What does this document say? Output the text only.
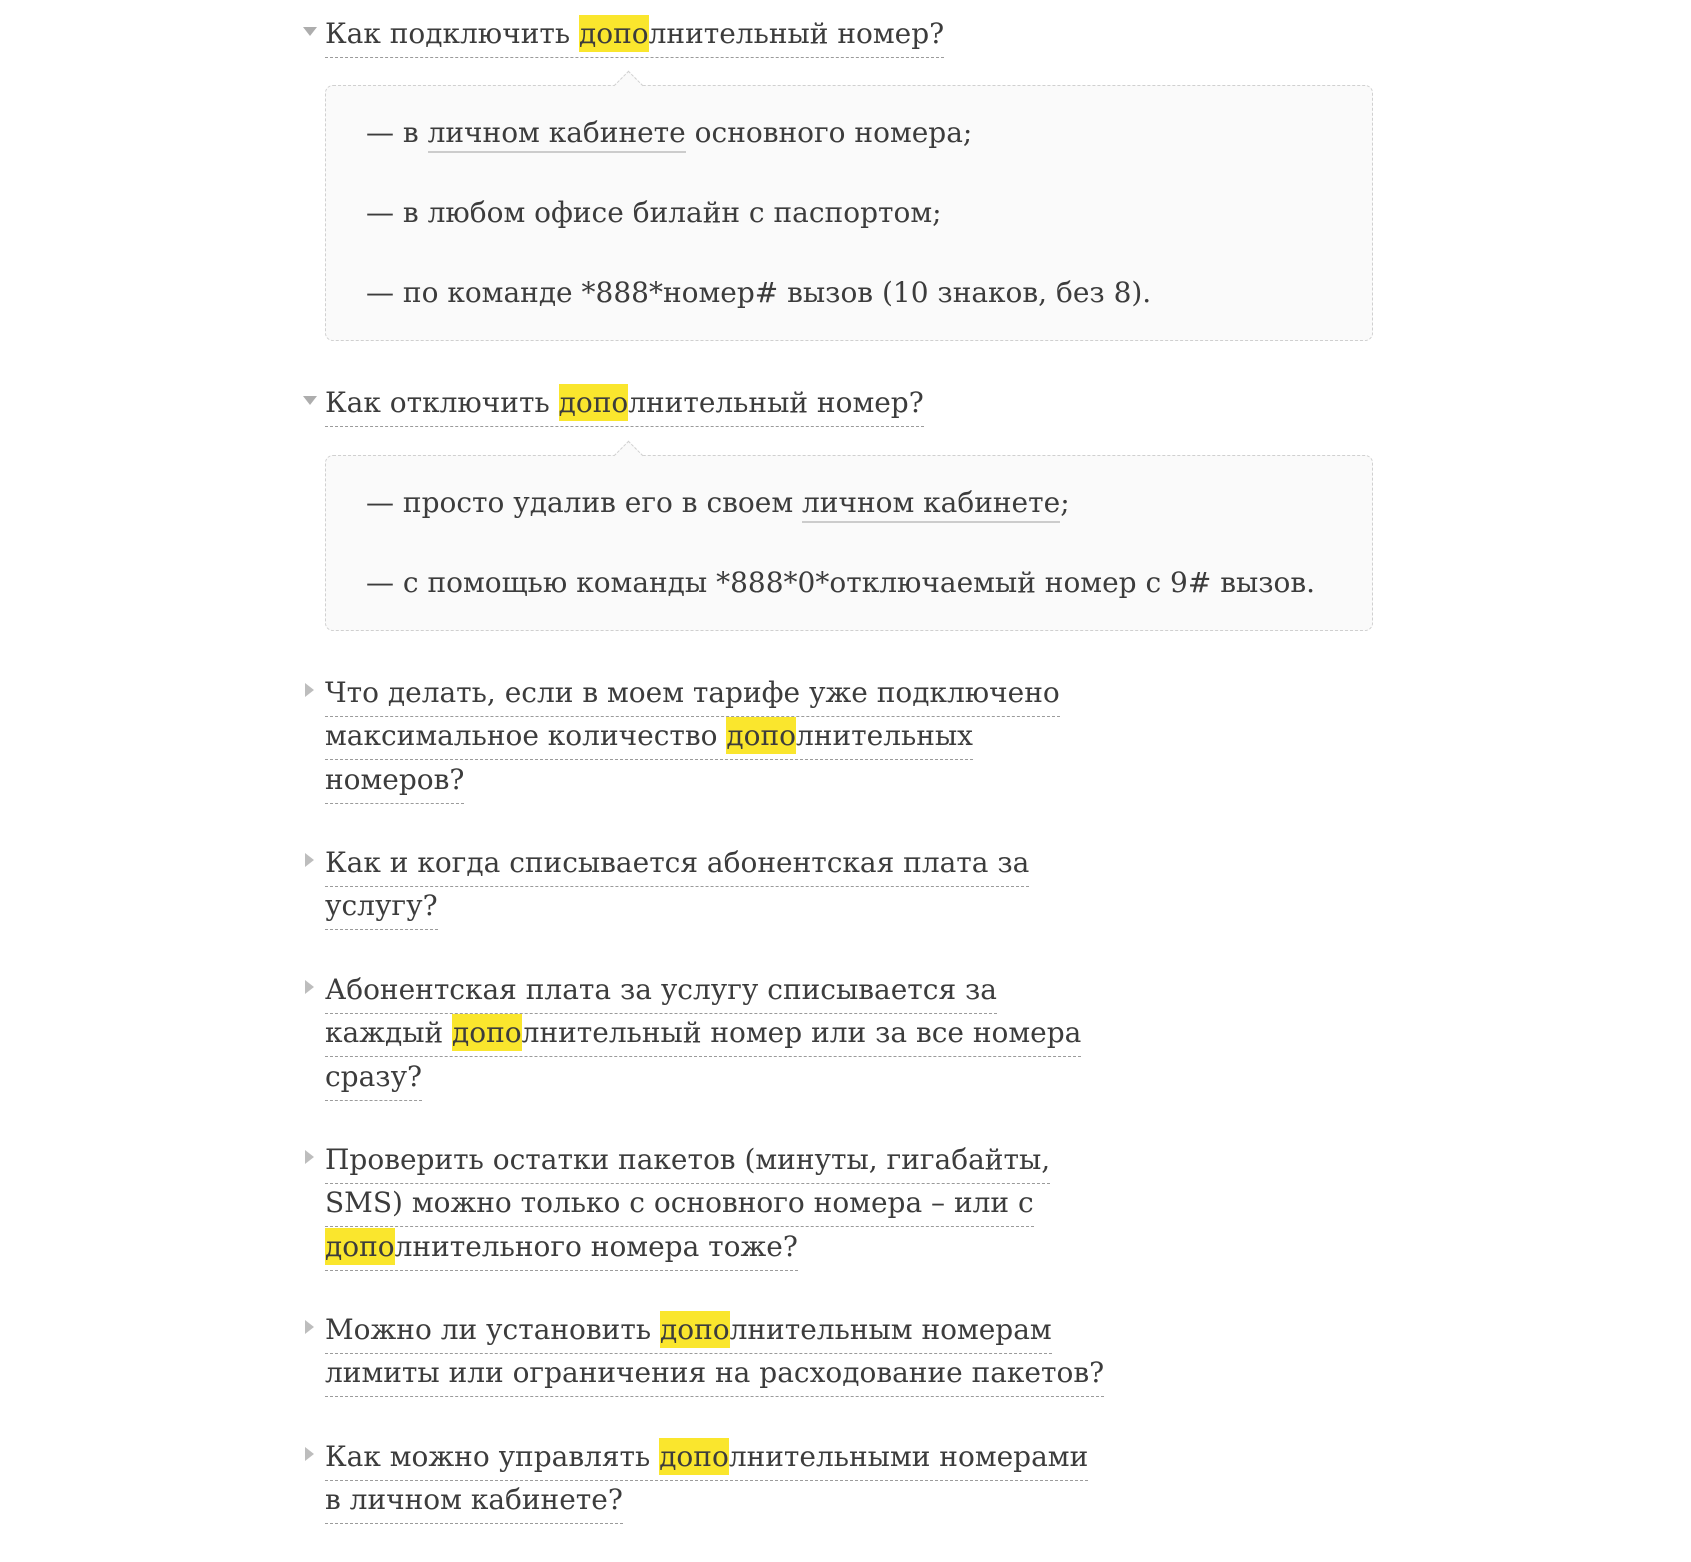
Как подключить дополнительный номер?

— в личном кабинете основного номера;

— в любом офисе билайн с паспортом;

— по команде *888*номер# вызов (10 знаков, без 8).

Как отключить дополнительный номер?

— просто удалив его в своем личном кабинете;

— с помощью команды *888*0*отключаемый номер с 9# вызов.

Что делать, если в моем тарифе уже подключено максимальное количество дополнительных номеров?
Как и когда списывается абонентская плата за услугу?
Абонентская плата за услугу списывается за каждый дополнительный номер или за все номера сразу?
Проверить остатки пакетов (минуты, гигабайты, SMS) можно только с основного номера – или с дополнительного номера тоже?
Можно ли установить дополнительным номерам лимиты или ограничения на расходование пакетов?
Как можно управлять дополнительными номерами в личном кабинете?
